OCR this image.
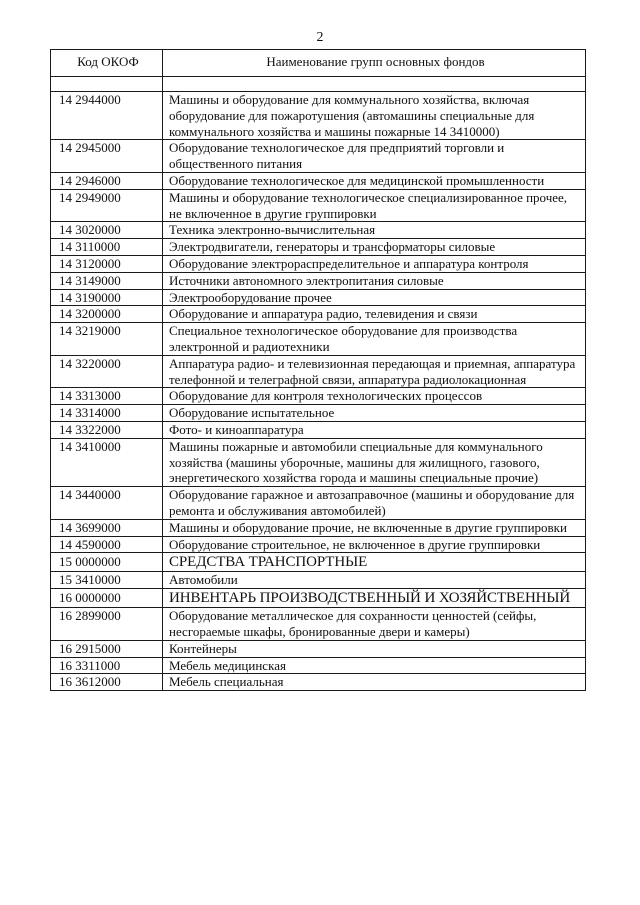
2
Код ОКОФ	Наименование групп основных фондов

14 2944000	Машины и оборудование для коммунального хозяйства, включая оборудование для пожаротушения (автомашины специальные для коммунального хозяйства и машины пожарные 14 3410000)
14 2945000	Оборудование технологическое для предприятий торговли и общественного питания
14 2946000	Оборудование технологическое для медицинской промышленности
14 2949000	Машины и оборудование технологическое специализированное прочее, не включенное в другие группировки
14 3020000	Техника электронно-вычислительная
14 3110000	Электродвигатели, генераторы и трансформаторы силовые
14 3120000	Оборудование электрораспределительное и аппаратура контроля
14 3149000	Источники автономного электропитания силовые
14 3190000	Электрооборудование прочее
14 3200000	Оборудование и аппаратура радио, телевидения и связи
14 3219000	Специальное технологическое оборудование для производства электронной и радиотехники
14 3220000	Аппаратура радио- и телевизионная передающая и приемная, аппаратура телефонной и телеграфной связи, аппаратура радиолокационная
14 3313000	Оборудование для контроля технологических процессов
14 3314000	Оборудование испытательное
14 3322000	Фото- и киноаппаратура
14 3410000	Машины пожарные и автомобили специальные для коммунального хозяйства (машины уборочные, машины для жилищного, газового, энергетического хозяйства города и машины специальные прочие)
14 3440000	Оборудование гаражное и автозаправочное (машины и оборудование для ремонта и обслуживания автомобилей)
14 3699000	Машины и оборудование прочие, не включенные в другие группировки
14 4590000	Оборудование строительное, не включенное в другие группировки
15 0000000	СРЕДСТВА ТРАНСПОРТНЫЕ
15 3410000	Автомобили
16 0000000	ИНВЕНТАРЬ ПРОИЗВОДСТВЕННЫЙ И ХОЗЯЙСТВЕННЫЙ
16 2899000	Оборудование металлическое для сохранности ценностей (сейфы, несгораемые шкафы, бронированные двери и камеры)
16 2915000	Контейнеры
16 3311000	Мебель медицинская
16 3612000	Мебель специальная
